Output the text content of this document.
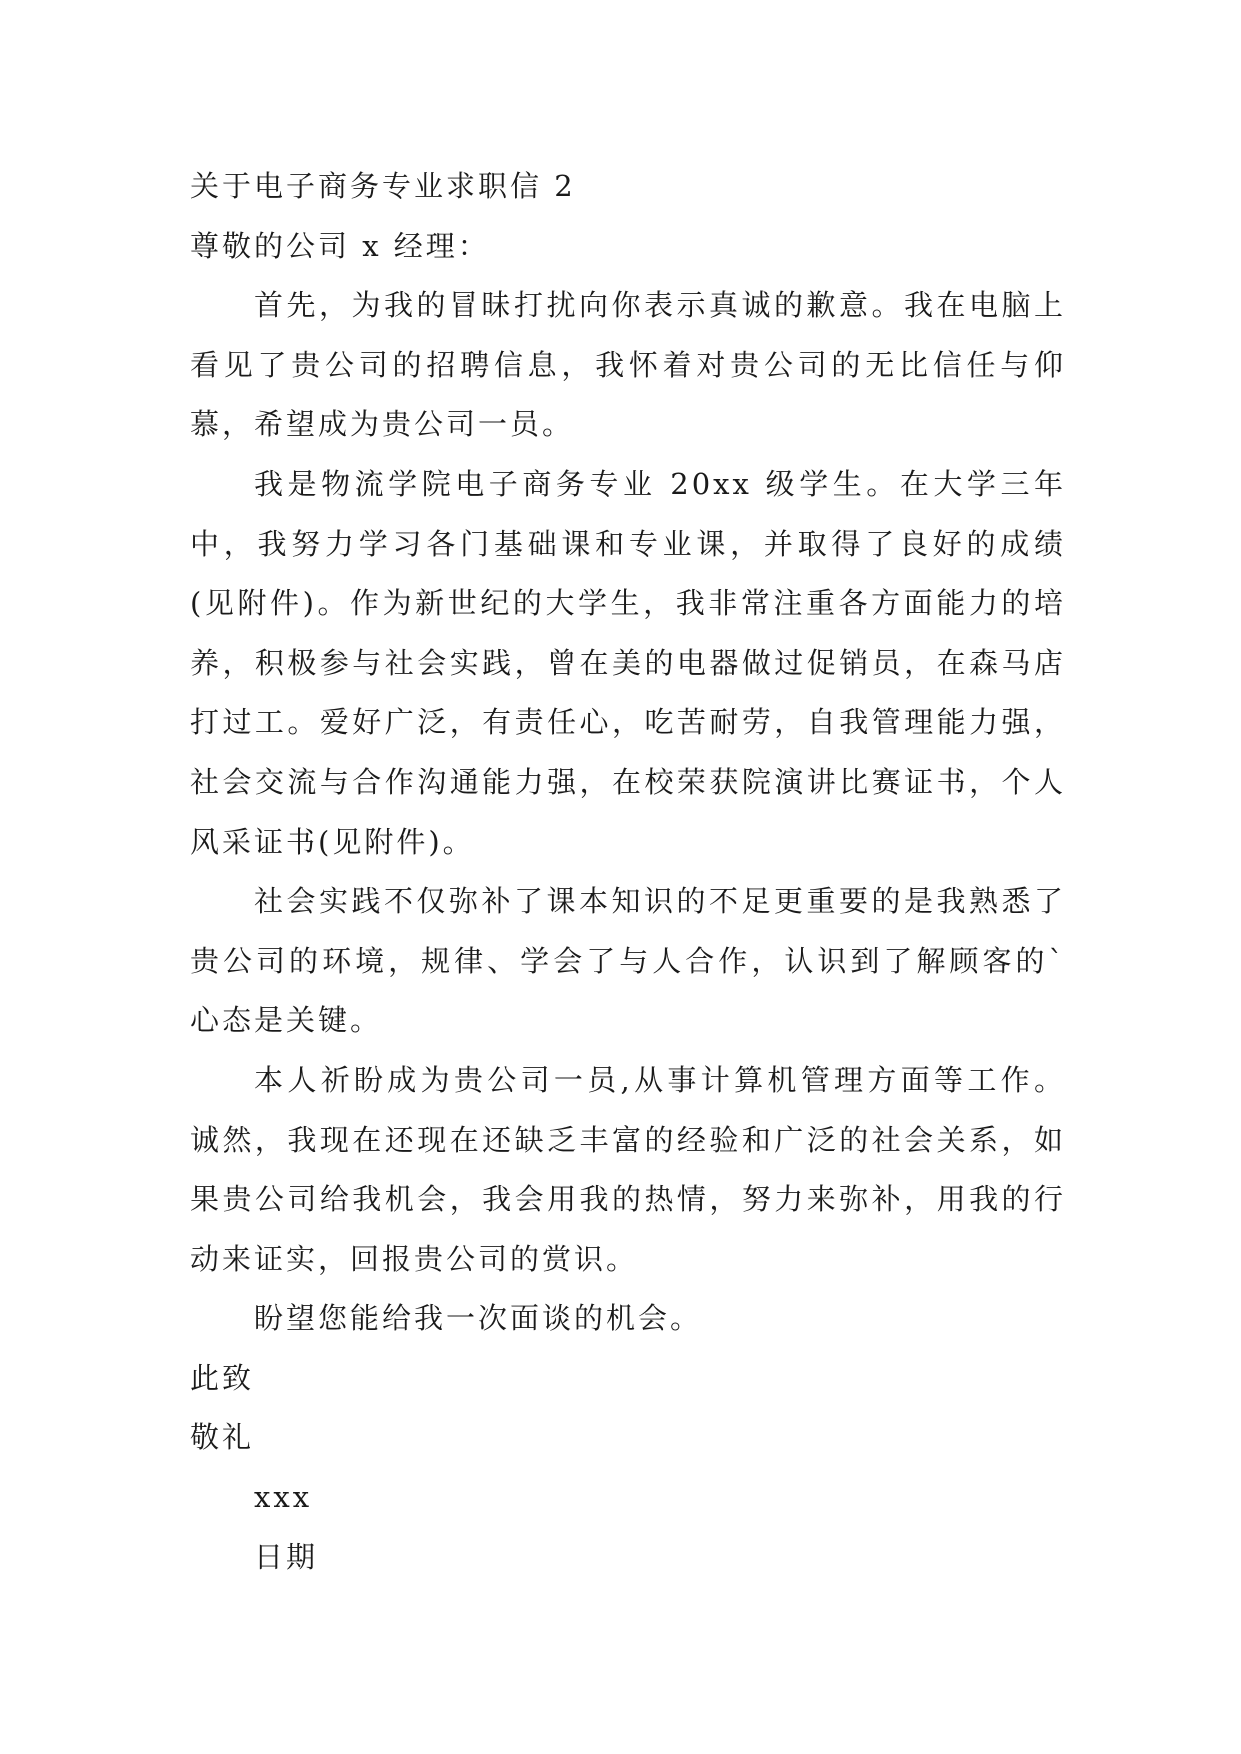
关于电子商务专业求职信 2

尊敬的公司 x 经理：

首先，为我的冒昧打扰向你表示真诚的歉意。我在电脑上看见了贵公司的招聘信息，我怀着对贵公司的无比信任与仰慕，希望成为贵公司一员。

我是物流学院电子商务专业 20xx 级学生。在大学三年中，我努力学习各门基础课和专业课，并取得了良好的成绩(见附件)。作为新世纪的大学生，我非常注重各方面能力的培养，积极参与社会实践，曾在美的电器做过促销员，在森马店打过工。爱好广泛，有责任心，吃苦耐劳，自我管理能力强，社会交流与合作沟通能力强，在校荣获院演讲比赛证书，个人风采证书(见附件)。

社会实践不仅弥补了课本知识的不足更重要的是我熟悉了贵公司的环境，规律、学会了与人合作，认识到了解顾客的`心态是关键。

本人祈盼成为贵公司一员,从事计算机管理方面等工作。诚然，我现在还现在还缺乏丰富的经验和广泛的社会关系，如果贵公司给我机会，我会用我的热情，努力来弥补，用我的行动来证实，回报贵公司的赏识。

盼望您能给我一次面谈的机会。

此致

敬礼

xxx

日期
